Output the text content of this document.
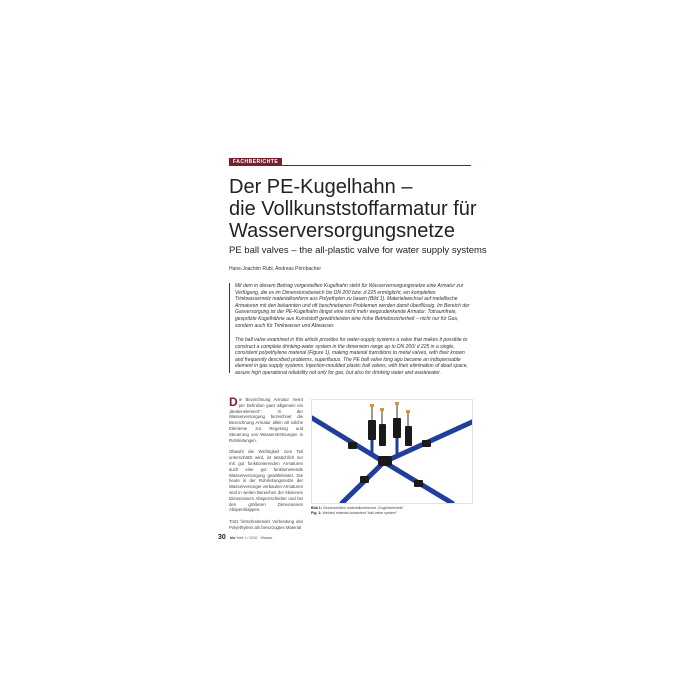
FACHBERICHTE
Der PE-Kugelhahn –
die Vollkunststoffarmatur für
Wasserversorgungsnetze
PE ball valves – the all-plastic valve for water supply systems
Hans-Joachim Rühl, Andreas Pörnbacher

Mit dem in diesem Beitrag vorgestellten Kugelhahn steht für Wasserversorgungsnetze eine Armatur zur Verfügung, die es im Dimensionsbereich bis DN 200 bzw. d 225 ermöglicht, ein komplettes Trinkwassernetz materialkonform aus Polyethylen zu bauen (Bild 1). Materialwechsel auf metallische Armaturen mit den bekannten und oft beschriebenen Problemen werden damit überflüssig. Im Bereich der Gasversorgung ist der PE-Kugelhahn längst eine nicht mehr wegzudenkende Armatur. Totraumfreie, gespritzte Kugelhähne aus Kunststoff gewährleisten eine hohe Betriebssicherheit – nicht nur für Gas, sondern auch für Trinkwasser und Abwasser.

The ball valve examined in this article provides for water-supply systems a valve that makes it possible to construct a complete drinking-water system in the dimension range up to DN 200/ d 225 in a single, consistent polyethylene material (Figure 1), making material transitions to metal valves, with their known and frequently described problems, superfluous. The PE ball valve long ago became an indispensable element in gas supply systems. Injection-moulded plastic ball valves, with their elimination of dead space, assure high operational reliability not only for gas, but also for drinking water and wastewater.

Die Bezeichnung Armatur meint per Definition ganz allgemein ein „Bedienelement“. In der Wasserversorgung bezeichnet die Bezeichnung Armatur allein all solche Elemente zur Regelung und Steuerung von Wasserströmungen in Rohrleitungen.

Obwohl die Wichtigkeit zum Teil unterschätzt wird, ist tatsächlich nur mit gut funktionierenden Armaturen auch eine gut funktionierende Wasserversorgung gewährleistet. Die heute in der Rohrleitungsnetze der Wasserversorger verbauten Armaturen sind in weiten Bereichen der kleineren Dimensionen Absperrschieber und bei den größeren Dimensionen Absperrklappen.

Trotz fortschreitender Verbreitung des Polyethylens als bevorzugtes Material

Bild 1: Geschweißtes materialkonformes „Kugelhahnnetz“
Fig. 1: Welded material-consistent “ball-valve system”
30 bbr Heft 1 / 2010 · Wasser
